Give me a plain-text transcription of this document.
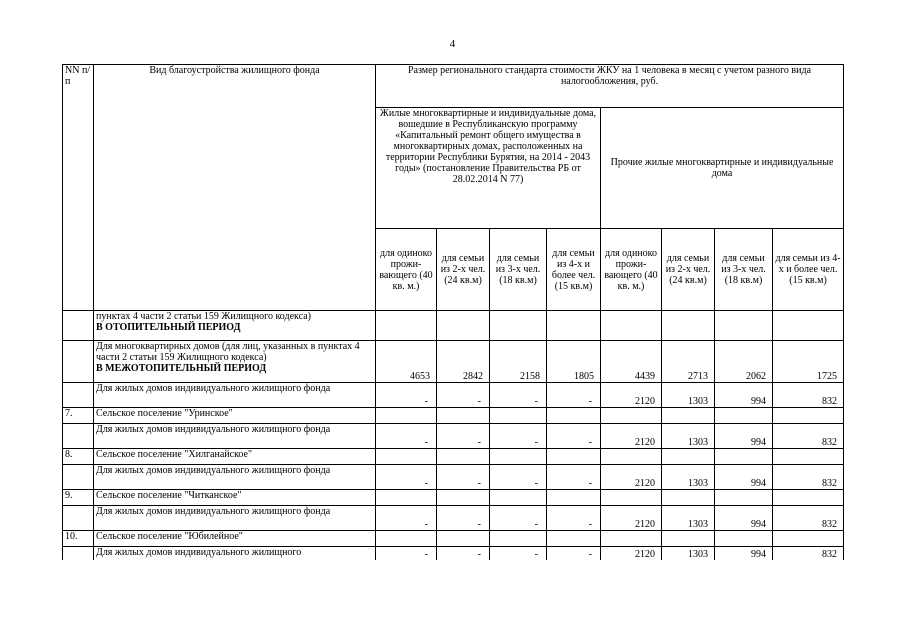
4
NN п/п	Вид благоустройства жилищного фонда	Размер регионального стандарта стоимости ЖКУ на 1 человека в месяц с учетом разного вида налогообложения, руб.							
		Жилые многоквартирные и индивидуальные дома, вошедшие в Республиканскую программу «Капитальный ремонт общего имущества в многоквартирных домах, расположенных на территории Республики Бурятия, на 2014 - 2043 годы» (постановление Правительства РБ от 28.02.2014 N 77)				Прочие жилые многоквартирные и индивидуальные дома			
		для одиноко прожи-вающего (40 кв. м.)	для семьи из 2-х чел. (24 кв.м)	для семьи из 3-х чел. (18 кв.м)	для семьи из 4-х и более чел. (15 кв.м)	для одиноко прожи-вающего (40 кв. м.)	для семьи из 2-х чел. (24 кв.м)	для семьи из 3-х чел. (18 кв.м)	для семьи из 4-х и более чел. (15 кв.м)

	пунктах 4 части 2 статьи 159 Жилищного кодекса)
В ОТОПИТЕЛЬНЫЙ ПЕРИОД								

	Для многоквартирных домов (для лиц, указанных в пунктах 4 части 2 статьи 159 Жилищного кодекса)
В МЕЖОТОПИТЕЛЬНЫЙ ПЕРИОД	4653	2842	2158	1805	4439	2713	2062	1725

	Для жилых домов индивидуального жилищного фонда	-	-	-	-	2120	1303	994	832
7.	Сельское поселение "Уринское"								

	Для жилых домов индивидуального жилищного фонда	-	-	-	-	2120	1303	994	832
8.	Сельское поселение "Хилганайское"								

	Для жилых домов индивидуального жилищного фонда	-	-	-	-	2120	1303	994	832
9.	Сельское поселение "Читканское"								

	Для жилых домов индивидуального жилищного фонда	-	-	-	-	2120	1303	994	832
10.	Сельское поселение "Юбилейное"								

	Для жилых домов индивидуального жилищного	-	-	-	-	2120	1303	994	832
